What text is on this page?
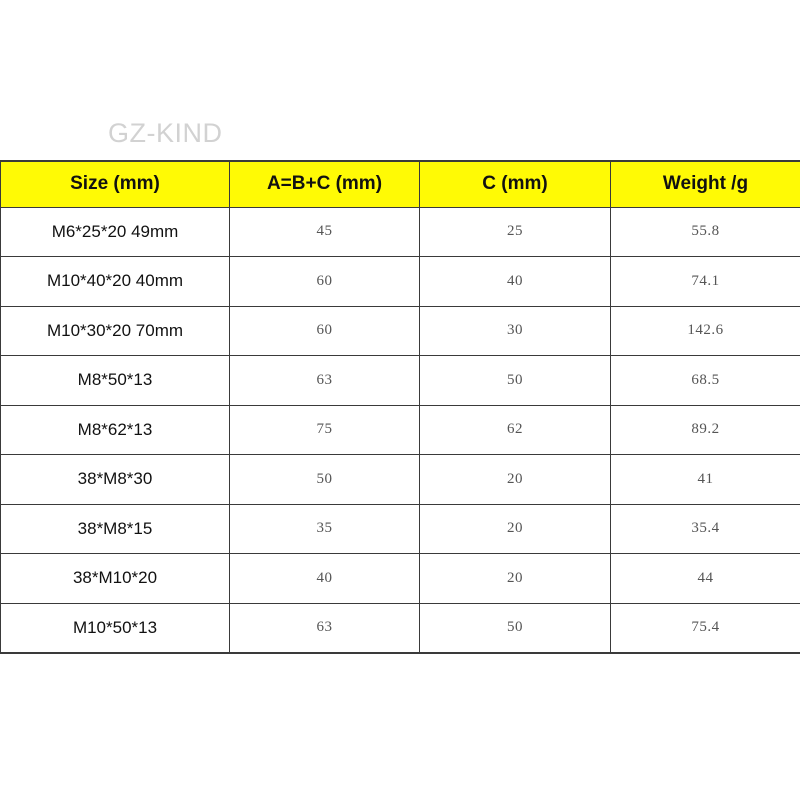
GZ-KIND
Size (mm)	A=B+C (mm)	C (mm)	Weight /g
M6*25*20 49mm	45	25	55.8
M10*40*20 40mm	60	40	74.1
M10*30*20 70mm	60	30	142.6
M8*50*13	63	50	68.5
M8*62*13	75	62	89.2
38*M8*30	50	20	41
38*M8*15	35	20	35.4
38*M10*20	40	20	44
M10*50*13	63	50	75.4
